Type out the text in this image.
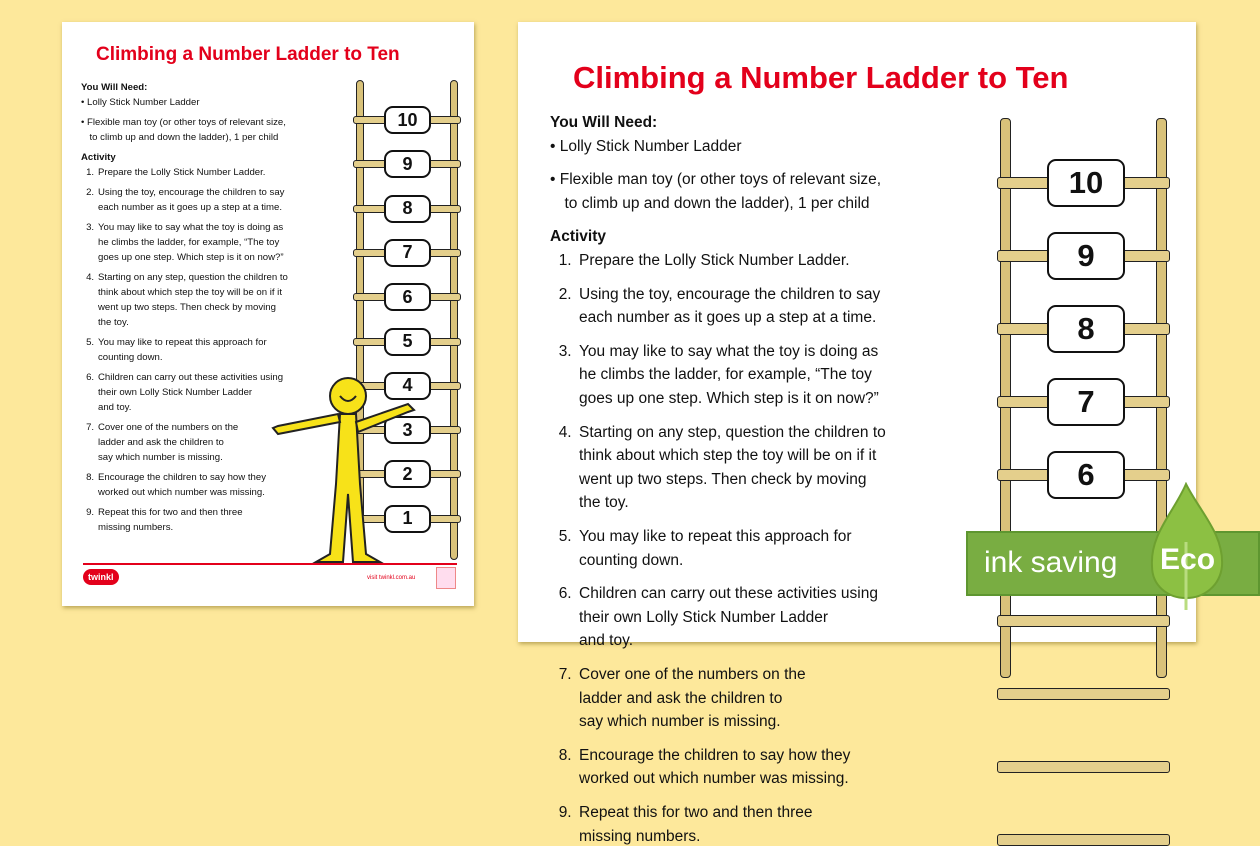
Climbing a Number Ladder to Ten
You Will Need:
• Lolly Stick Number Ladder
• Flexible man toy (or other toys of relevant size,
to climb up and down the ladder), 1 per child
Activity
1. Prepare the Lolly Stick Number Ladder.
2. Using the toy, encourage the children to say
each number as it goes up a step at a time.
3. You may like to say what the toy is doing as
he climbs the ladder, for example, “The toy
goes up one step. Which step is it on now?”
4. Starting on any step, question the children to
think about which step the toy will be on if it
went up two steps. Then check by moving
the toy.
5. You may like to repeat this approach for
counting down.
6. Children can carry out these activities using
their own Lolly Stick Number Ladder
and toy.
7. Cover one of the numbers on the
ladder and ask the children to
say which number is missing.
8. Encourage the children to say how they
worked out which number was missing.
9. Repeat this for two and then three
missing numbers.
10
9
8
7
6
5
4
3
2
1
twinkl	visit twinkl.com.au
Climbing a Number Ladder to Ten
You Will Need:
• Lolly Stick Number Ladder
• Flexible man toy (or other toys of relevant size,
to climb up and down the ladder), 1 per child
Activity
1. Prepare the Lolly Stick Number Ladder.
2. Using the toy, encourage the children to say
each number as it goes up a step at a time.
3. You may like to say what the toy is doing as
he climbs the ladder, for example, “The toy
goes up one step. Which step is it on now?”
4. Starting on any step, question the children to
think about which step the toy will be on if it
went up two steps. Then check by moving
the toy.
5. You may like to repeat this approach for
counting down.
6. Children can carry out these activities using
their own Lolly Stick Number Ladder
and toy.
7. Cover one of the numbers on the
ladder and ask the children to
say which number is missing.
8. Encourage the children to say how they
worked out which number was missing.
9. Repeat this for two and then three
missing numbers.
10
9
8
7
6
ink saving Eco
